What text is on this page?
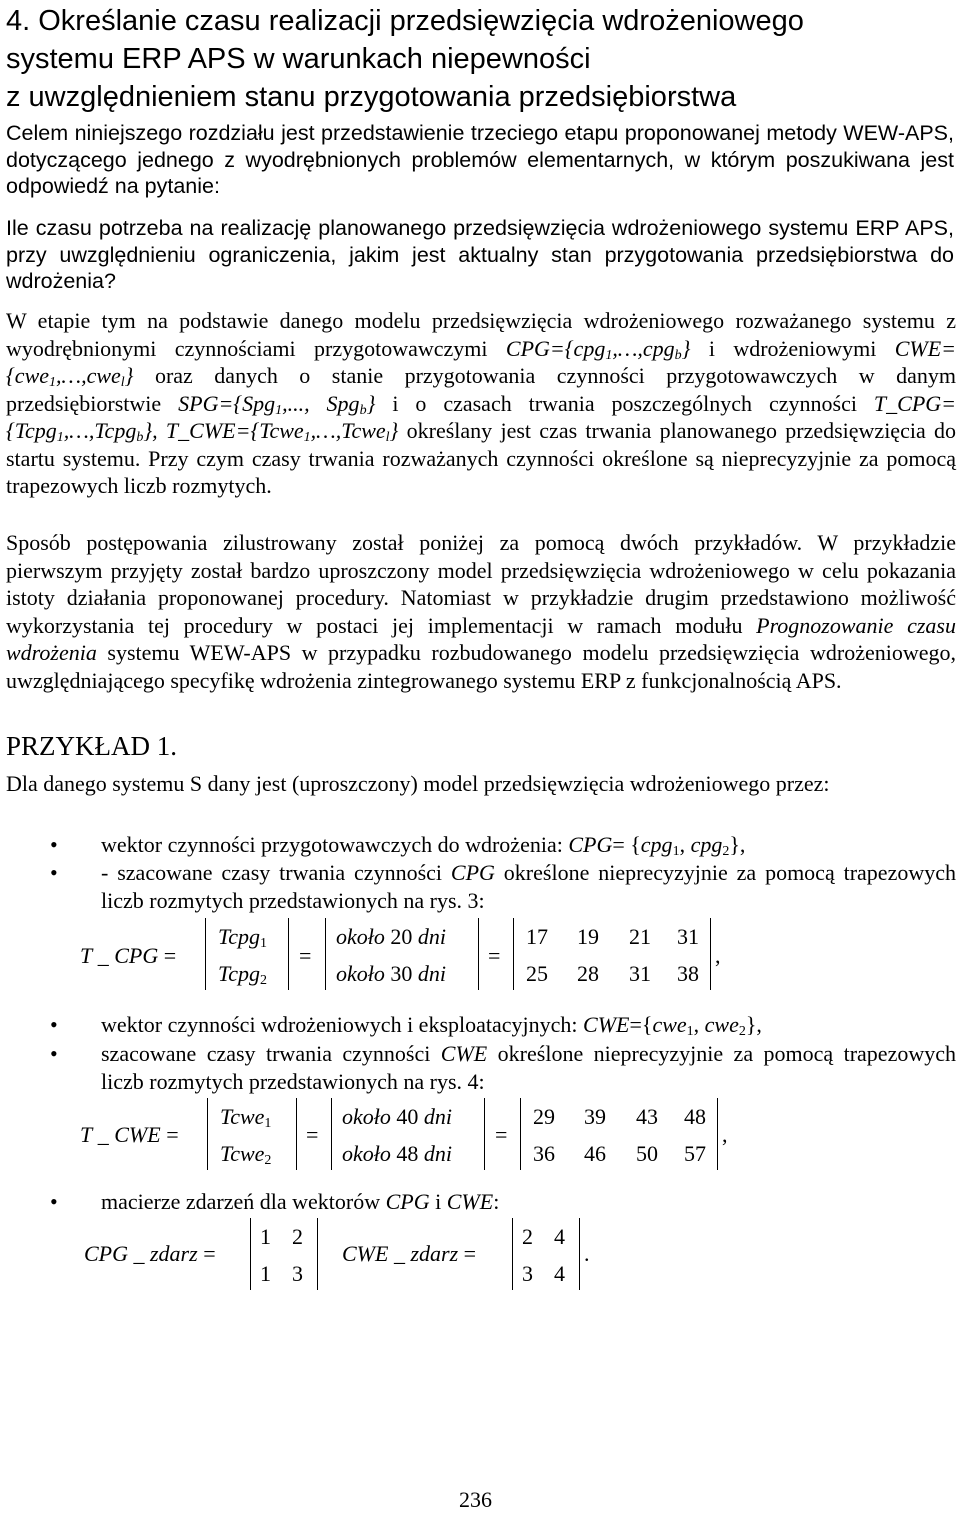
4. Określanie czasu realizacji przedsięwzięcia wdrożeniowego
systemu ERP APS w warunkach niepewności
z uwzględnieniem stanu przygotowania przedsiębiorstwa

Celem niniejszego rozdziału jest przedstawienie trzeciego etapu proponowanej metody WEW-APS, dotyczącego jednego z wyodrębnionych problemów elementarnych, w którym poszukiwana jest odpowiedź na pytanie:

Ile czasu potrzeba na realizację planowanego przedsięwzięcia wdrożeniowego systemu ERP APS, przy uwzględnieniu ograniczenia, jakim jest aktualny stan przygotowania przedsiębiorstwa do wdrożenia?

W etapie tym na podstawie danego modelu przedsięwzięcia wdrożeniowego rozważanego systemu z wyodrębnionymi czynnościami przygotowawczymi CPG={cpg$_1$,…,cpg$_b$} i wdrożeniowymi CWE={cwe$_1$,…,cwe$_l$} oraz danych o stanie przygotowania czynności przygotowawczych w danym przedsiębiorstwie SPG={Spg$_1$,..., Spg$_b$} i o czasach trwania poszczególnych czynności T_CPG={Tcpg$_1$,…,Tcpg$_b$}, T_CWE={Tcwe$_1$,…,Tcwe$_l$} określany jest czas trwania planowanego przedsięwzięcia do startu systemu. Przy czym czasy trwania rozważanych czynności określone są nieprecyzyjnie za pomocą trapezowych liczb rozmytych.

Sposób postępowania zilustrowany został poniżej za pomocą dwóch przykładów. W przykładzie pierwszym przyjęty został bardzo uproszczony model przedsięwzięcia wdrożeniowego w celu pokazania istoty działania proponowanej procedury. Natomiast w przykładzie drugim przedstawiono możliwość wykorzystania tej procedury w postaci jej implementacji w ramach modułu Prognozowanie czasu wdrożenia systemu WEW-APS w przypadku rozbudowanego modelu przedsięwzięcia wdrożeniowego, uwzględniającego specyfikę wdrożenia zintegrowanego systemu ERP z funkcjonalnością APS.

PRZYKŁAD 1.

Dla danego systemu S dany jest (uproszczony) model przedsięwzięcia wdrożeniowego przez:

• wektor czynności przygotowawczych do wdrożenia: CPG= {cpg$_1$, cpg$_2$},

• - szacowane czasy trwania czynności CPG określone nieprecyzyjnie za pomocą trapezowych liczb rozmytych przedstawionych na rys. 3:

T _ CPG =
Tcpg$_1$
Tcpg$_2$
=
około 20 dni
około 30 dni
=
17 19 21 31
25 28 31 38
,
• wektor czynności wdrożeniowych i eksploatacyjnych: CWE={cwe$_1$, cwe$_2$},

• szacowane czasy trwania czynności CWE określone nieprecyzyjnie za pomocą trapezowych liczb rozmytych przedstawionych na rys. 4:

T _ CWE =
Tcwe$_1$
Tcwe$_2$
=
około 40 dni
około 48 dni
=
29 39 43 48
36 46 50 57
,
• macierze zdarzeń dla wektorów CPG i CWE:

CPG _ zdarz =
1 2
1 3
CWE _ zdarz =
2 4
3 4
.
236
